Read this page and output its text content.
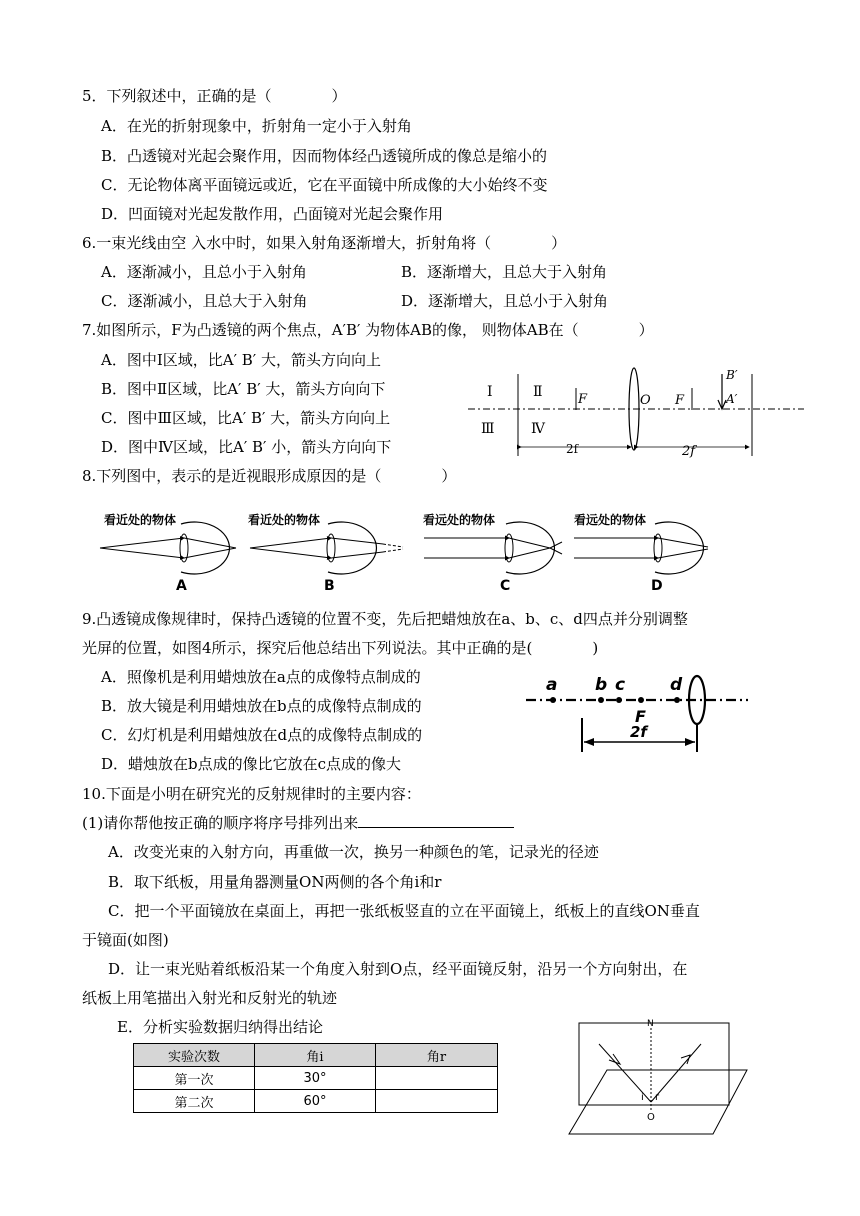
5．下列叙述中，正确的是（　　　　）
A．在光的折射现象中，折射角一定小于入射角
B．凸透镜对光起会聚作用，因而物体经凸透镜所成的像总是缩小的
C．无论物体离平面镜远或近，它在平面镜中所成像的大小始终不变
D．凹面镜对光起发散作用，凸面镜对光起会聚作用
6.一束光线由空 入水中时，如果入射角逐渐增大，折射角将（　　　　）
A．逐渐减小，且总小于入射角	B．逐渐增大，且总大于入射角
C．逐渐减小，且总大于入射角	D．逐渐增大，且总小于入射角
7.如图所示，F为凸透镜的两个焦点，A′B′ 为物体AB的像， 则物体AB在（　　　　）
A．图中Ⅰ区域，比A′ B′ 大，箭头方向向上
B．图中Ⅱ区域，比A′ B′ 大，箭头方向向下
C．图中Ⅲ区域，比A′ B′ 大，箭头方向向上
D．图中Ⅳ区域，比A′ B′ 小，箭头方向向下
Ⅰ	Ⅱ
Ⅲ	Ⅳ
F	O F
B′
A′
2f	2f
8.下列图中，表示的是近视眼形成原因的是（　　　　）
看近处的物体
A
看近处的物体
B
看远处的物体
C
看远处的物体
D
9.凸透镜成像规律时，保持凸透镜的位置不变，先后把蜡烛放在a、b、c、d四点并分别调整
光屏的位置，如图4所示，探究后他总结出下列说法。其中正确的是(　　　　)
A．照像机是利用蜡烛放在a点的成像特点制成的
B．放大镜是利用蜡烛放在b点的成像特点制成的
C．幻灯机是利用蜡烛放在d点的成像特点制成的
D．蜡烛放在b点成的像比它放在c点成的像大
a b c	d
F
2f
10.下面是小明在研究光的反射规律时的主要内容：
(1)请你帮他按正确的顺序将序号排列出来
A．改变光束的入射方向，再重做一次，换另一种颜色的笔，记录光的径迹
B．取下纸板，用量角器测量ON两侧的各个角i和r
C．把一个平面镜放在桌面上，再把一张纸板竖直的立在平面镜上，纸板上的直线ON垂直
于镜面(如图)
D．让一束光贴着纸板沿某一个角度入射到O点，经平面镜反射，沿另一个方向射出，在
纸板上用笔描出入射光和反射光的轨迹
E．分析实验数据归纳得出结论
实验次数	角i	角r
第一次	30°	
第二次	60°	
N
O
i r
